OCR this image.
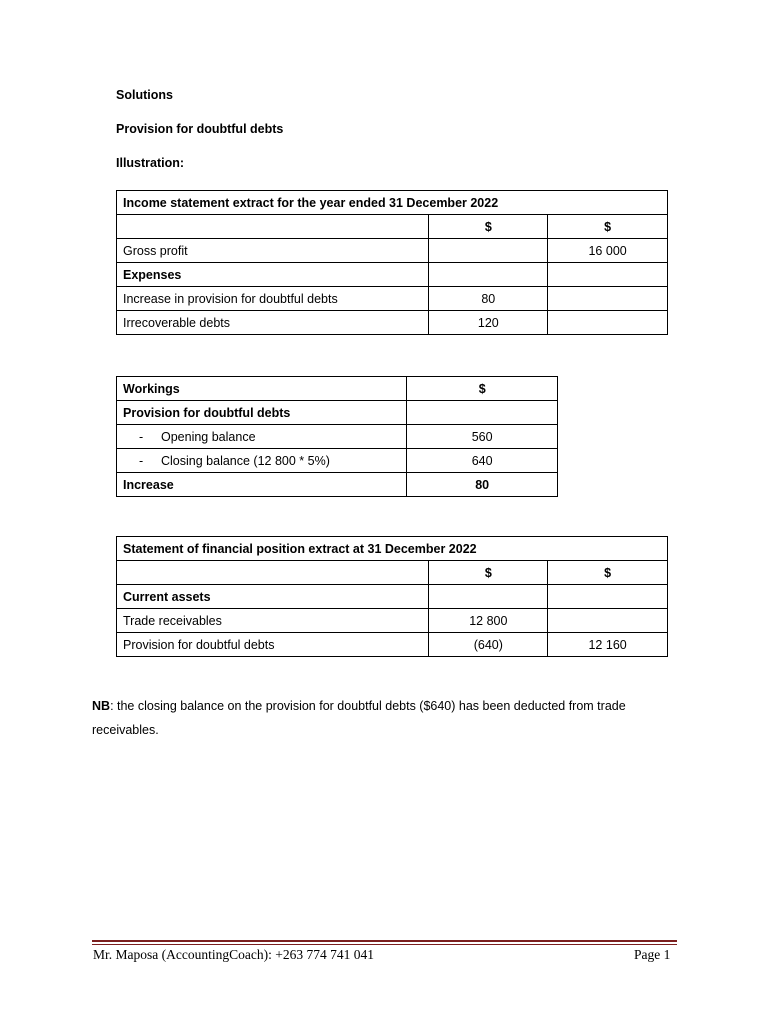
Solutions
Provision for doubtful debts
Illustration:
Income statement extract for the year ended 31 December 2022		
	$	$
Gross profit		16 000
Expenses		
Increase in provision for doubtful debts	80	
Irrecoverable debts	120	
Workings	$
Provision for doubtful debts	
- Opening balance	560
- Closing balance (12 800 * 5%)	640
Increase	80
Statement of financial position extract at 31 December 2022		
	$	$
Current assets		
Trade receivables	12 800	
Provision for doubtful debts	(640)	12 160
NB: the closing balance on the provision for doubtful debts ($640) has been deducted from trade receivables.
Mr. Maposa (AccountingCoach): +263 774 741 041	Page 1
